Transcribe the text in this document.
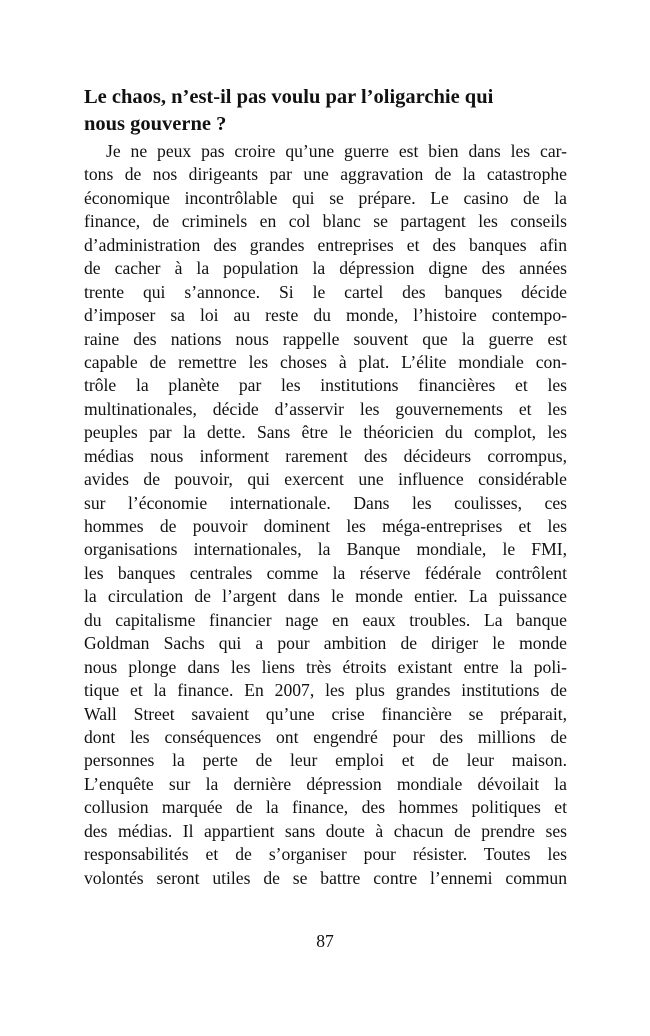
Le chaos, n’est-il pas voulu par l’oligarchie qui
nous gouverne ?
Je ne peux pas croire qu’une guerre est bien dans les car-
tons de nos dirigeants par une aggravation de la catastrophe
économique incontrôlable qui se prépare. Le casino de la
finance, de criminels en col blanc se partagent les conseils
d’administration des grandes entreprises et des banques afin
de cacher à la population la dépression digne des années
trente qui s’annonce. Si le cartel des banques décide
d’imposer sa loi au reste du monde, l’histoire contempo-
raine des nations nous rappelle souvent que la guerre est
capable de remettre les choses à plat. L’élite mondiale con-
trôle la planète par les institutions financières et les
multinationales, décide d’asservir les gouvernements et les
peuples par la dette. Sans être le théoricien du complot, les
médias nous informent rarement des décideurs corrompus,
avides de pouvoir, qui exercent une influence considérable
sur l’économie internationale. Dans les coulisses, ces
hommes de pouvoir dominent les méga-entreprises et les
organisations internationales, la Banque mondiale, le FMI,
les banques centrales comme la réserve fédérale contrôlent
la circulation de l’argent dans le monde entier. La puissance
du capitalisme financier nage en eaux troubles. La banque
Goldman Sachs qui a pour ambition de diriger le monde
nous plonge dans les liens très étroits existant entre la poli-
tique et la finance. En 2007, les plus grandes institutions de
Wall Street savaient qu’une crise financière se préparait,
dont les conséquences ont engendré pour des millions de
personnes la perte de leur emploi et de leur maison.
L’enquête sur la dernière dépression mondiale dévoilait la
collusion marquée de la finance, des hommes politiques et
des médias. Il appartient sans doute à chacun de prendre ses
responsabilités et de s’organiser pour résister. Toutes les
volontés seront utiles de se battre contre l’ennemi commun
87
